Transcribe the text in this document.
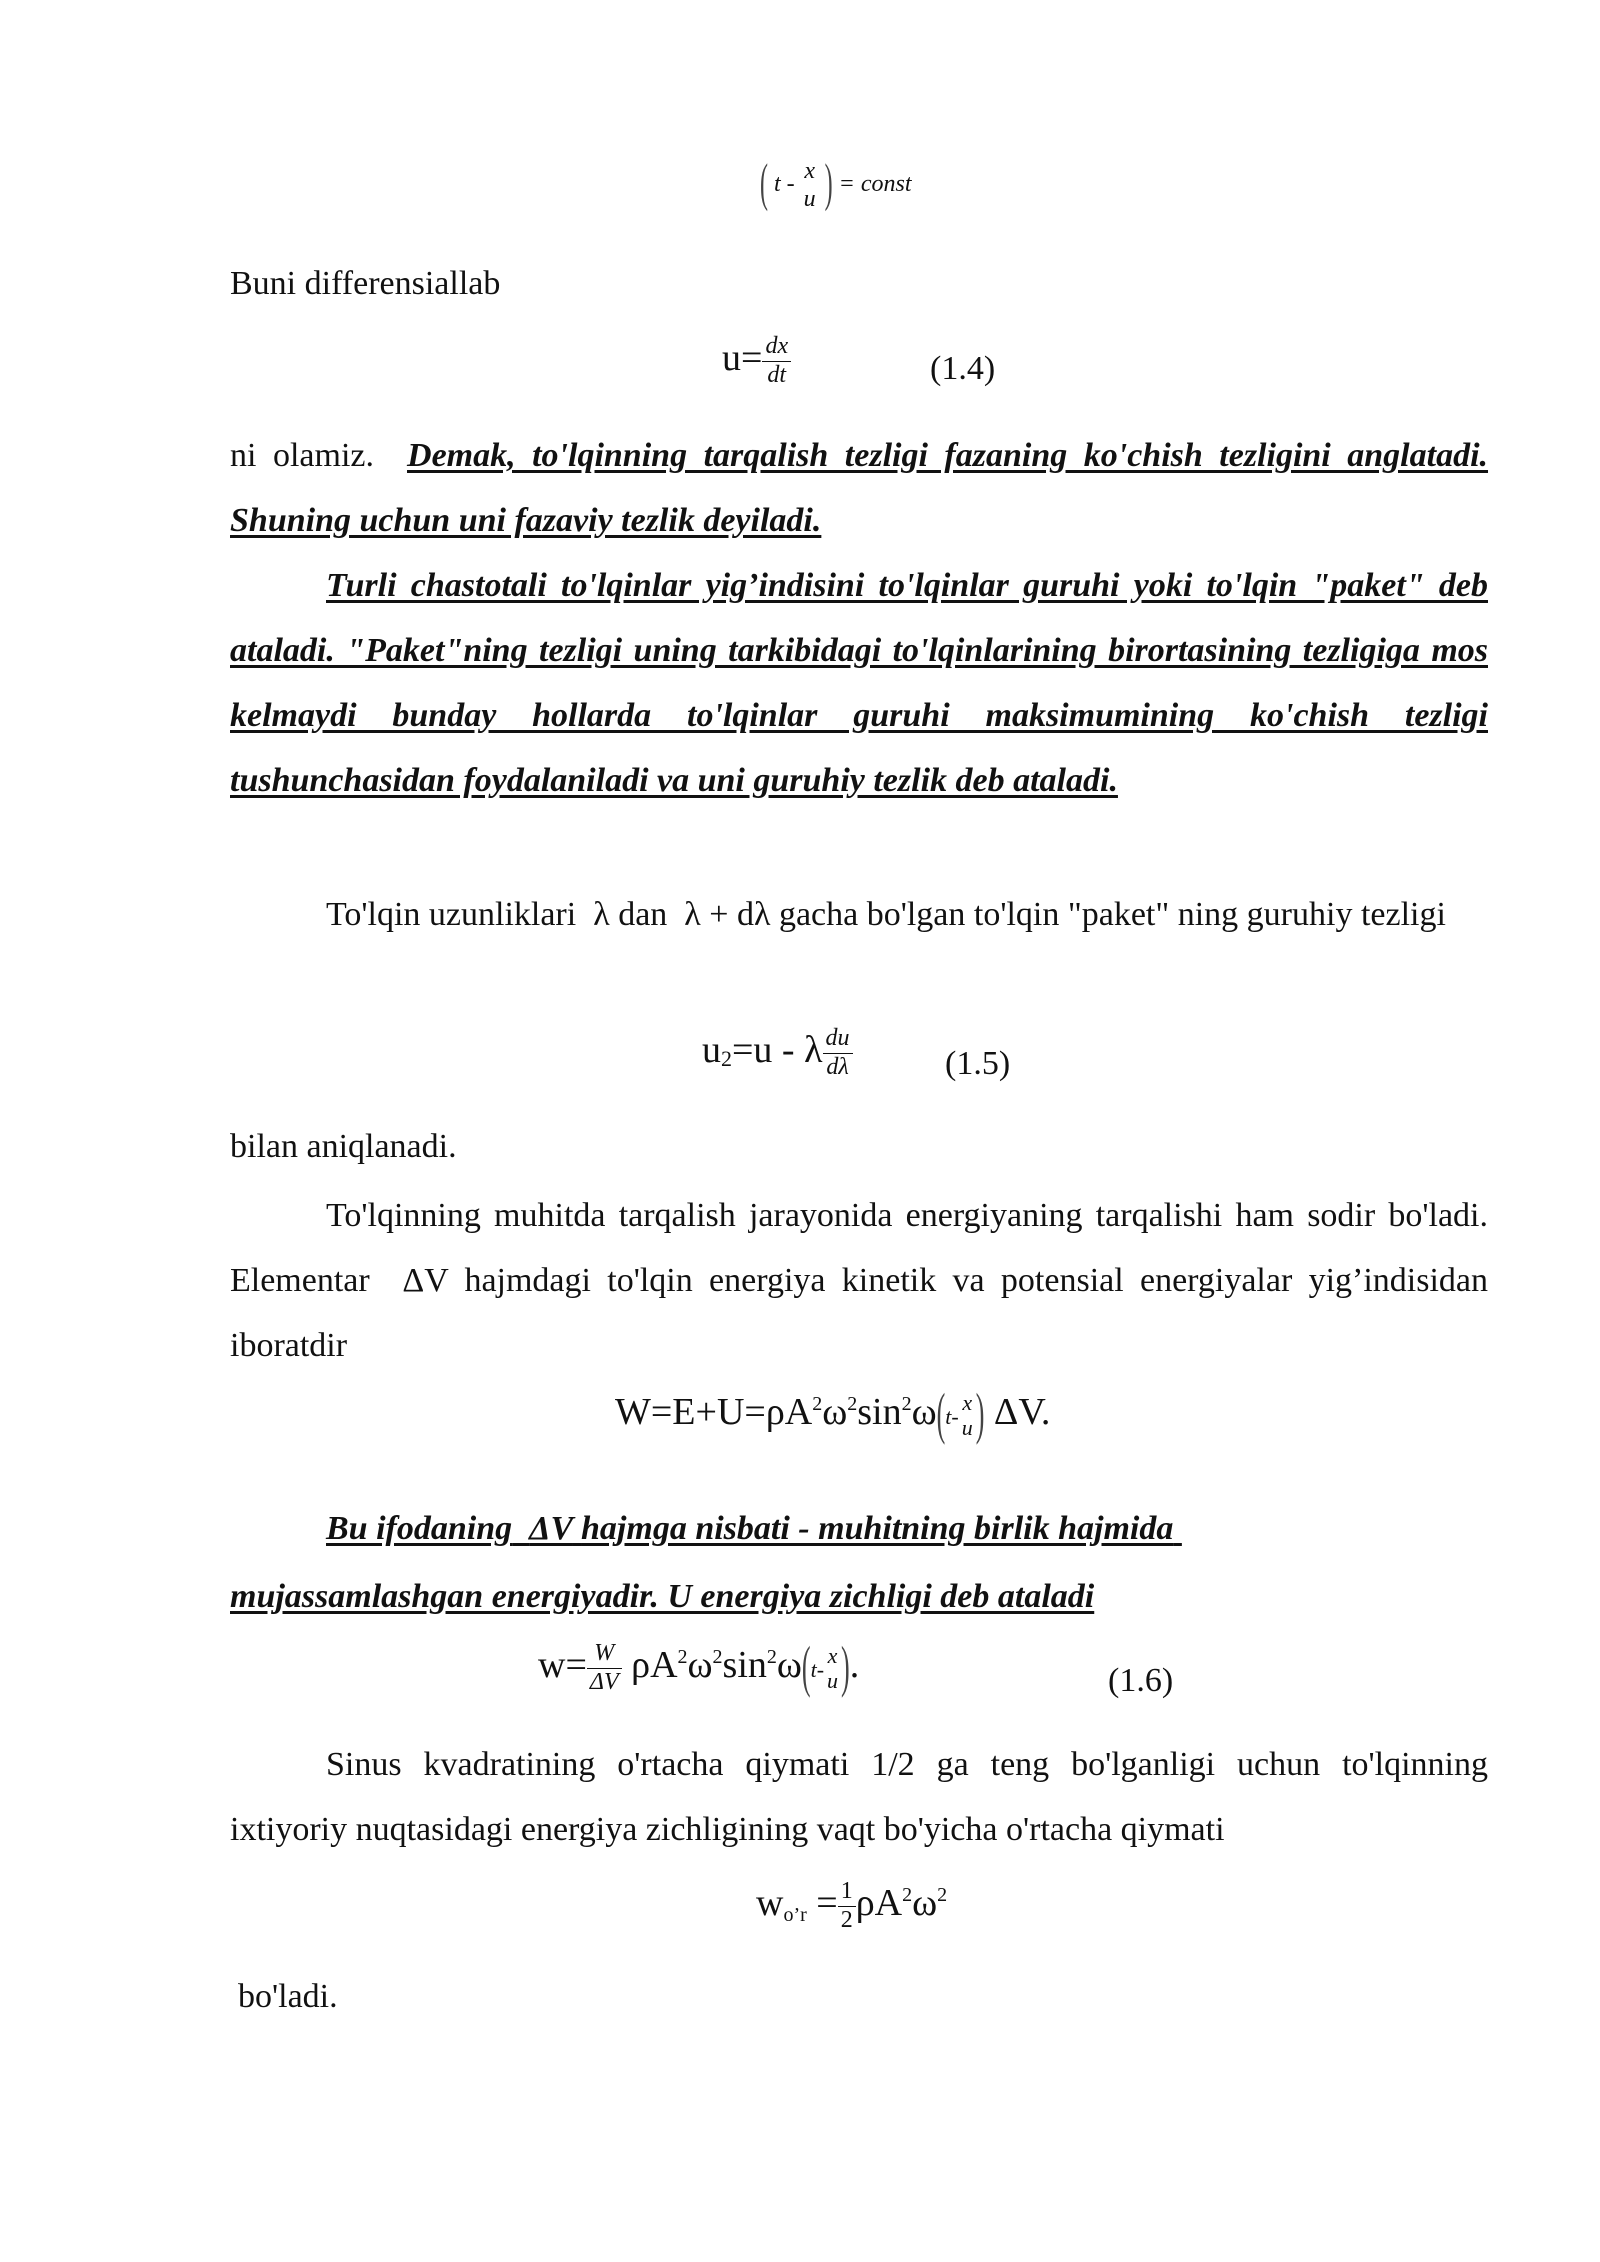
( t -
x
u ) = const
Buni differensiallab
$u= \frac{dx}{dt}$	(1.4)
ni olamiz. Demak, to'lqinning tarqalish tezligi fazaning ko'chish tezligini anglatadi. Shuning uchun uni fazaviy tezlik deyiladi.
Turli chastotali to'lqinlar yig’indisini to'lqinlar guruhi yoki to'lqin "paket" deb ataladi. "Paket"ning tezligi uning tarkibidagi to'lqinlarining birortasining tezligiga mos kelmaydi bunday hollarda to'lqinlar guruhi maksimumining ko'chish tezligi tushunchasidan foydalaniladi va uni guruhiy tezlik deb ataladi.
To'lqin uzunliklari λ dan λ + dλ gacha bo'lgan to'lqin "paket" ning guruhiy tezligi
$u_2=u - \lambda \frac{du}{d\lambda}$	(1.5)
bilan aniqlanadi.
To'lqinning muhitda tarqalish jarayonida energiyaning tarqalishi ham sodir bo'ladi. Elementar ΔV hajmdagi to'lqin energiya kinetik va potensial energiyalar yig’indisidan iboratdir
$W=E+U=\rho A^2\omega^2\sin^2\omega(t-$
x
u ) ΔV.
Bu ifodaning ΔV hajmga nisbati - muhitning birlik hajmida
mujassamlashgan energiyadir. U energiya zichligi deb ataladi
$w= \frac{W}{\Delta V} \rho A^2\omega^2\sin^2\omega(t-$
x
u ).	(1.6)
Sinus kvadratining o'rtacha qiymati 1/2 ga teng bo'lganligi uchun to'lqinning ixtiyoriy nuqtasidagi energiya zichligining vaqt bo'yicha o'rtacha qiymati
$w_{o’r} = \frac{1}{2} \rho A^2\omega^2$
bo'ladi.
